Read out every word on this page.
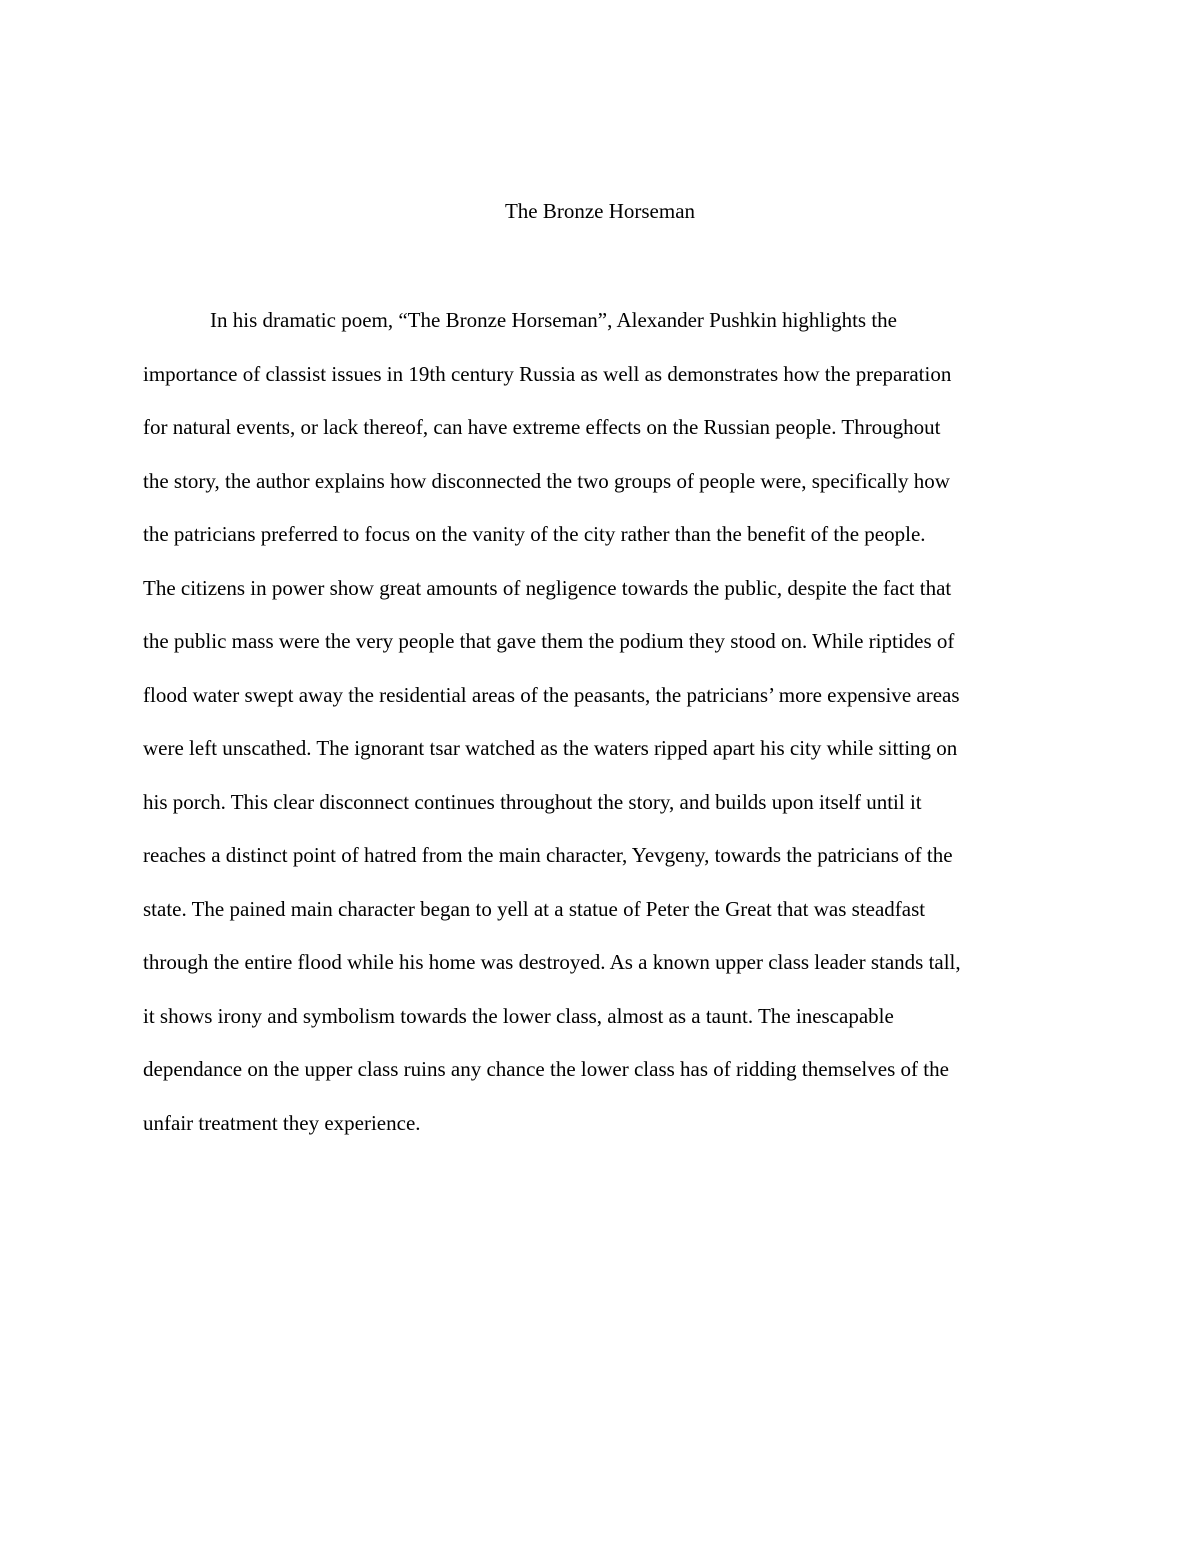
The Bronze Horseman
In his dramatic poem, “The Bronze Horseman”, Alexander Pushkin highlights the
importance of classist issues in 19th century Russia as well as demonstrates how the preparation
for natural events, or lack thereof, can have extreme effects on the Russian people. Throughout
the story, the author explains how disconnected the two groups of people were, specifically how
the patricians preferred to focus on the vanity of the city rather than the benefit of the people.
The citizens in power show great amounts of negligence towards the public, despite the fact that
the public mass were the very people that gave them the podium they stood on. While riptides of
flood water swept away the residential areas of the peasants, the patricians’ more expensive areas
were left unscathed. The ignorant tsar watched as the waters ripped apart his city while sitting on
his porch. This clear disconnect continues throughout the story, and builds upon itself until it
reaches a distinct point of hatred from the main character, Yevgeny, towards the patricians of the
state. The pained main character began to yell at a statue of Peter the Great that was steadfast
through the entire flood while his home was destroyed. As a known upper class leader stands tall,
it shows irony and symbolism towards the lower class, almost as a taunt. The inescapable
dependance on the upper class ruins any chance the lower class has of ridding themselves of the
unfair treatment they experience.
